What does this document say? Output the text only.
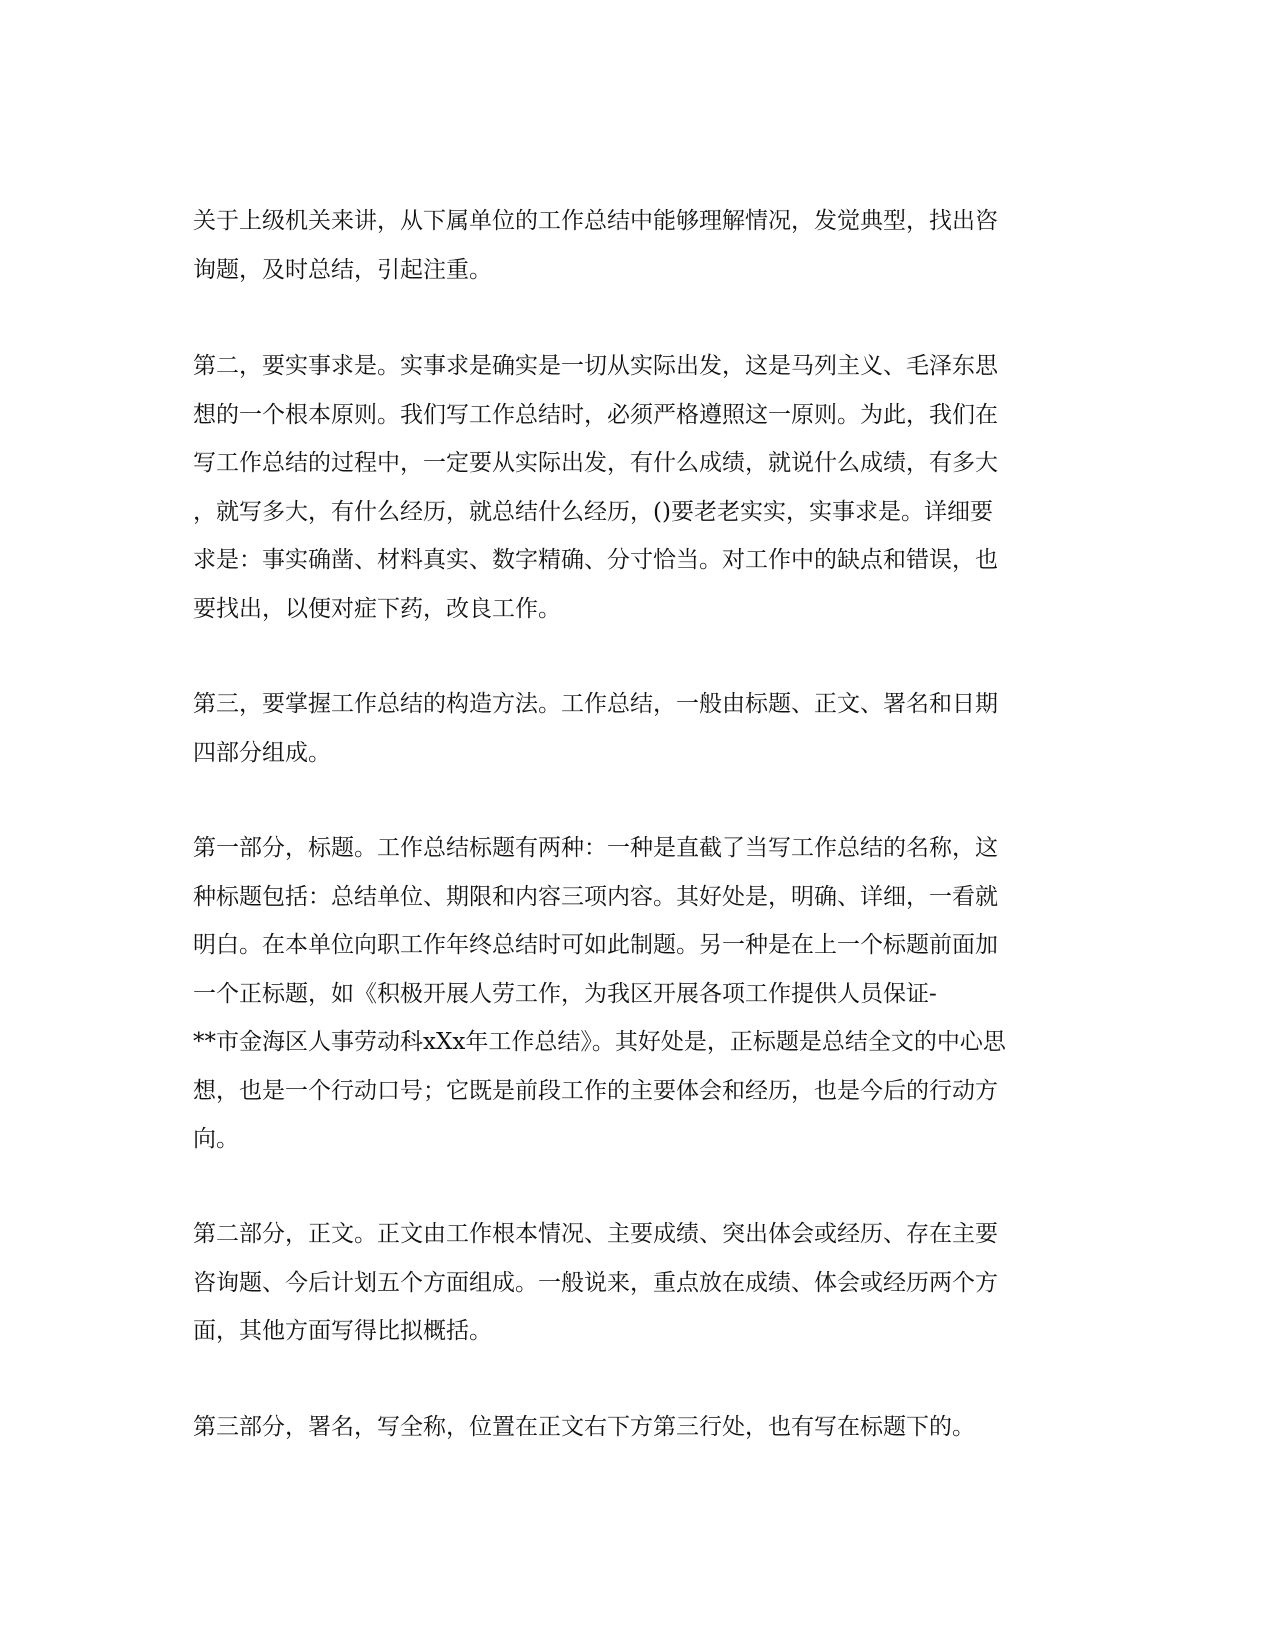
关于上级机关来讲，从下属单位的工作总结中能够理解情况，发觉典型，找出咨
询题，及时总结，引起注重。
第二，要实事求是。实事求是确实是一切从实际出发，这是马列主义、毛泽东思
想的一个根本原则。我们写工作总结时，必须严格遵照这一原则。为此，我们在
写工作总结的过程中，一定要从实际出发，有什么成绩，就说什么成绩，有多大
，就写多大，有什么经历，就总结什么经历，()要老老实实，实事求是。详细要
求是：事实确凿、材料真实、数字精确、分寸恰当。对工作中的缺点和错误，也
要找出，以便对症下药，改良工作。
第三，要掌握工作总结的构造方法。工作总结，一般由标题、正文、署名和日期
四部分组成。
第一部分，标题。工作总结标题有两种：一种是直截了当写工作总结的名称，这
种标题包括：总结单位、期限和内容三项内容。其好处是，明确、详细，一看就
明白。在本单位向职工作年终总结时可如此制题。另一种是在上一个标题前面加
一个正标题，如《积极开展人劳工作，为我区开展各项工作提供人员保证-
**市金海区人事劳动科xXx年工作总结》。其好处是，正标题是总结全文的中心思
想，也是一个行动口号；它既是前段工作的主要体会和经历，也是今后的行动方
向。
第二部分，正文。正文由工作根本情况、主要成绩、突出体会或经历、存在主要
咨询题、今后计划五个方面组成。一般说来，重点放在成绩、体会或经历两个方
面，其他方面写得比拟概括。
第三部分，署名，写全称，位置在正文右下方第三行处，也有写在标题下的。
